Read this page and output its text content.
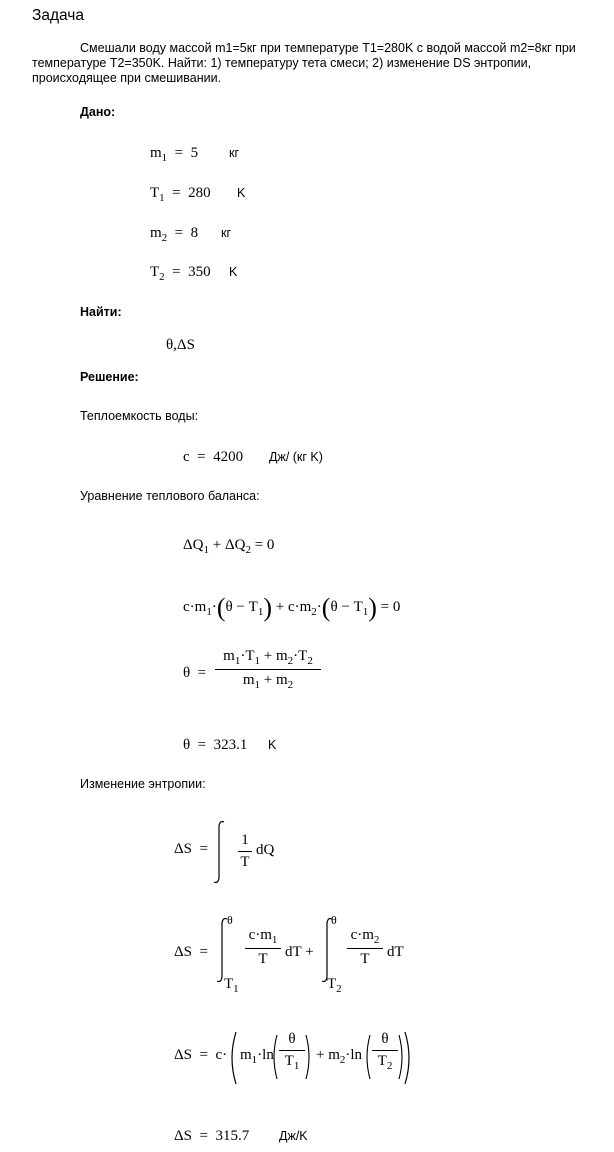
Задача
Смешали воду массой m1=5кг при температуре T1=280K с водой массой m2=8кг при температуре T2=350K. Найти: 1) температуру тета смеси; 2) изменение DS энтропии, происходящее при смешивании.
Дано:
$m_1 = 5$ кг
$T_1 = 280$ K
$m_2 = 8$ кг
$T_2 = 350$ K
Найти:
θ,ΔS
Решение:
Теплоемкость воды:
c  =  4200 Дж/ (кг K)
Уравнение теплового баланса:
$\Delta Q_1 + \Delta Q_2 = 0$
$c\cdot m_1\cdot(\theta - T_1) + c\cdot m_2\cdot(\theta - T_1) = 0$
θ  =
$m_1\cdot T_1 + m_2\cdot T_2$
$m_1 + m_2$
θ  =  323.1 K
Изменение энтропии:
ΔS  =
1
T
dQ
ΔS  =
θ
$T_1$
$c\cdot m_1$
T	dT +
θ
$T_2$
$c\cdot m_2$
T	dT
$\Delta S = c\cdot m_1\cdot\ln$
θ
$T_1$
+ $m_2\cdot\ln$
θ
$T_2$
ΔS  =  315.7 Дж/K
